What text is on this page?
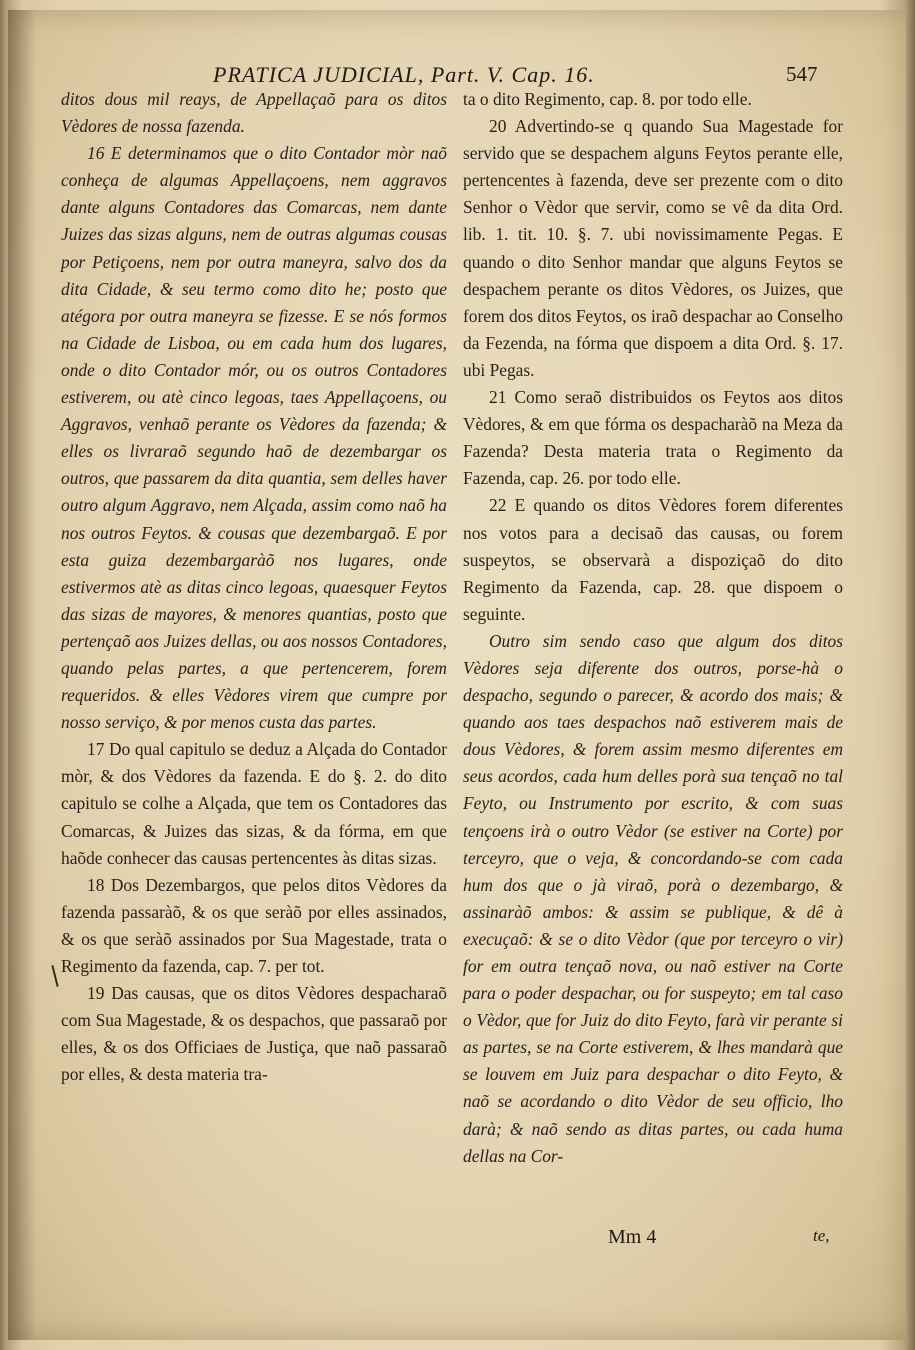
PRATICA JUDICIAL, Part. V. Cap. 16.	547

ditos dous mil reays, de Appellaçaõ para os ditos Vèdores de nossa fazenda.

16 E determinamos que o dito Contador mòr naõ conheça de algumas Appellaçoens, nem aggravos dante alguns Contadores das Comarcas, nem dante Juizes das sizas alguns, nem de outras algumas cousas por Petiçoens, nem por outra maneyra, salvo dos da dita Cidade, & seu termo como dito he; posto que atégora por outra maneyra se fizesse. E se nós formos na Cidade de Lisboa, ou em cada hum dos lugares, onde o dito Contador mór, ou os outros Contadores estiverem, ou atè cinco legoas, taes Appellaçoens, ou Aggravos, venhaõ perante os Vèdores da fazenda; & elles os livraraõ segundo haõ de dezembargar os outros, que passarem da dita quantia, sem delles haver outro algum Aggravo, nem Alçada, assim como naõ ha nos outros Feytos. & cousas que dezembargaõ. E por esta guiza dezembargaràõ nos lugares, onde estivermos atè as ditas cinco legoas, quaesquer Feytos das sizas de mayores, & menores quantias, posto que pertençaõ aos Juizes dellas, ou aos nossos Contadores, quando pelas partes, a que pertencerem, forem requeridos. & elles Vèdores virem que cumpre por nosso serviço, & por menos custa das partes.

17 Do qual capitulo se deduz a Alçada do Contador mòr, & dos Vèdores da fazenda. E do §. 2. do dito capitulo se colhe a Alçada, que tem os Contadores das Comarcas, & Juizes das sizas, & da fórma, em que haõde conhecer das causas pertencentes às ditas sizas.

18 Dos Dezembargos, que pelos ditos Vèdores da fazenda passaràõ, & os que seràõ por elles assinados, & os que seràõ assinados por Sua Magestade, trata o Regimento da fazenda, cap. 7. per tot.

19 Das causas, que os ditos Vèdores despacharaõ com Sua Magestade, & os despachos, que passaraõ por elles, & os dos Officiaes de Justiça, que naõ passaraõ por elles, & desta materia tra-

ta o dito Regimento, cap. 8. por todo elle.

20 Advertindo-se q quando Sua Magestade for servido que se despachem alguns Feytos perante elle, pertencentes à fazenda, deve ser prezente com o dito Senhor o Vèdor que servir, como se vê da dita Ord. lib. 1. tit. 10. §. 7. ubi novissimamente Pegas. E quando o dito Senhor mandar que alguns Feytos se despachem perante os ditos Vèdores, os Juizes, que forem dos ditos Feytos, os iraõ despachar ao Conselho da Fezenda, na fórma que dispoem a dita Ord. §. 17. ubi Pegas.

21 Como seraõ distribuidos os Feytos aos ditos Vèdores, & em que fórma os despacharàõ na Meza da Fazenda? Desta materia trata o Regimento da Fazenda, cap. 26. por todo elle.

22 E quando os ditos Vèdores forem diferentes nos votos para a decisaõ das causas, ou forem suspeytos, se observarà a dispoziçaõ do dito Regimento da Fazenda, cap. 28. que dispoem o seguinte.

Outro sim sendo caso que algum dos ditos Vèdores seja diferente dos outros, porse-hà o despacho, segundo o parecer, & acordo dos mais; & quando aos taes despachos naõ estiverem mais de dous Vèdores, & forem assim mesmo diferentes em seus acordos, cada hum delles porà sua tençaõ no tal Feyto, ou Instrumento por escrito, & com suas tençoens irà o outro Vèdor (se estiver na Corte) por terceyro, que o veja, & concordando-se com cada hum dos que o jà viraõ, porà o dezembargo, & assinaràõ ambos: & assim se publique, & dê à execuçaõ: & se o dito Vèdor (que por terceyro o vir) for em outra tençaõ nova, ou naõ estiver na Corte para o poder despachar, ou for suspeyto; em tal caso o Vèdor, que for Juiz do dito Feyto, farà vir perante si as partes, se na Corte estiverem, & lhes mandarà que se louvem em Juiz para despachar o dito Feyto, & naõ se acordando o dito Vèdor de seu officio, lho darà; & naõ sendo as ditas partes, ou cada huma dellas na Cor-

Mm 4	te,
